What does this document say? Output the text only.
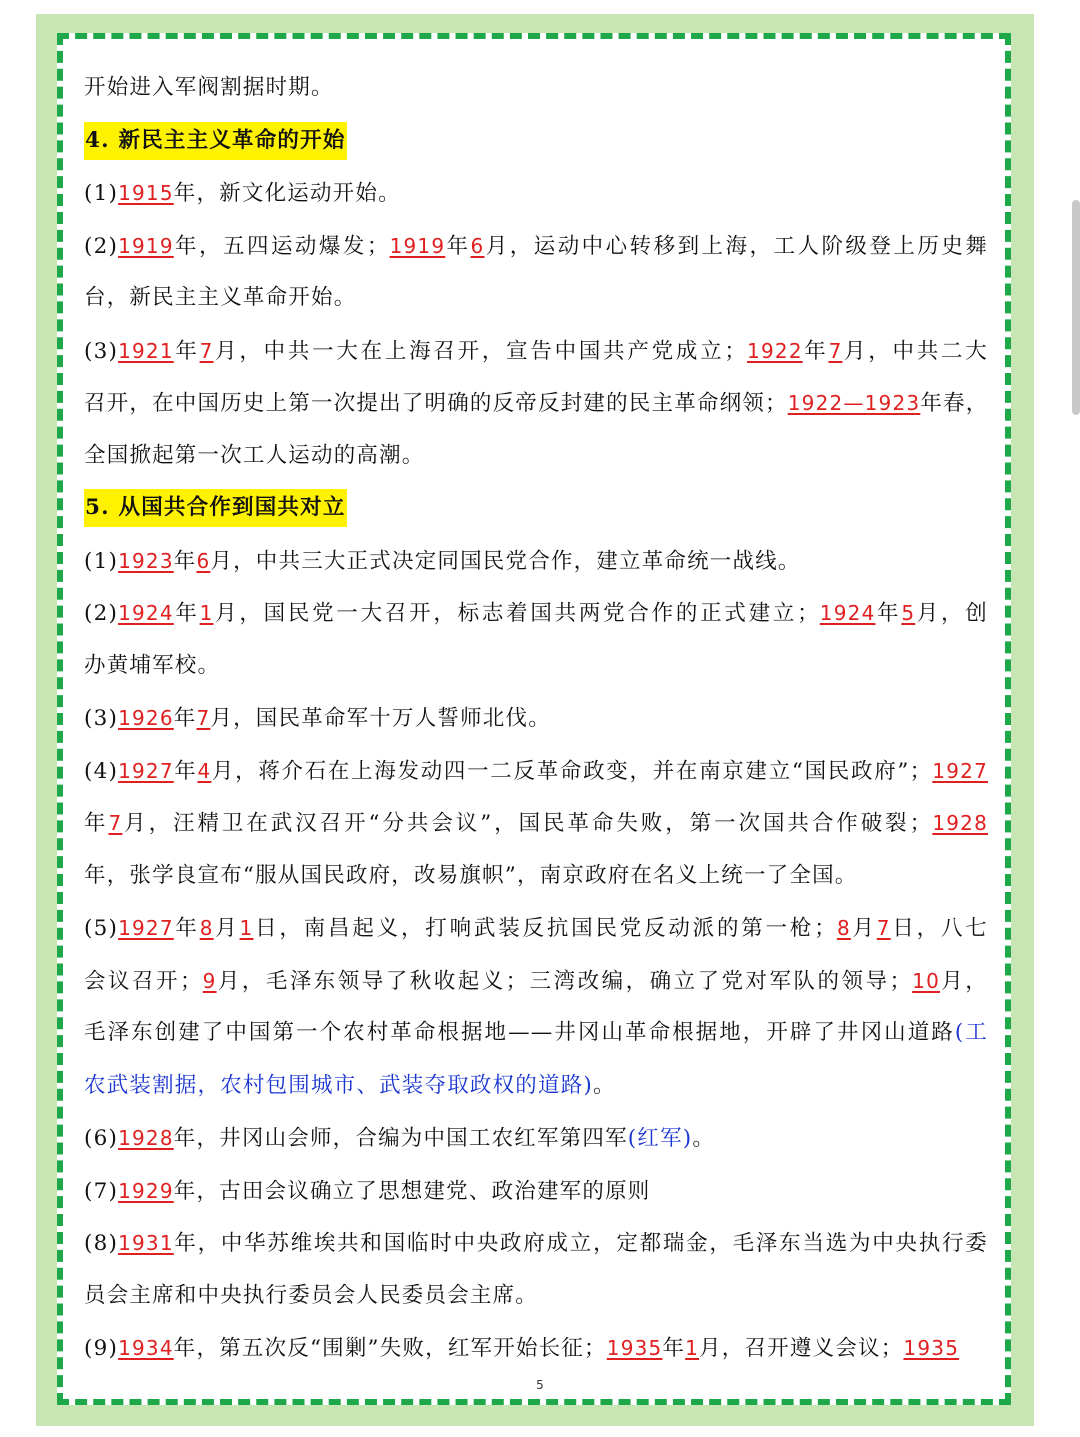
开始进入军阀割据时期。
4. 新民主主义革命的开始
(1)1915年，新文化运动开始。
(2)1919年，五四运动爆发；1919年6月，运动中心转移到上海，工人阶级登上历史舞
台，新民主主义革命开始。
(3)1921年7月，中共一大在上海召开，宣告中国共产党成立；1922年7月，中共二大
召开，在中国历史上第一次提出了明确的反帝反封建的民主革命纲领；1922—1923年春，
全国掀起第一次工人运动的高潮。
5. 从国共合作到国共对立
(1)1923年6月，中共三大正式决定同国民党合作，建立革命统一战线。
(2)1924年1月，国民党一大召开，标志着国共两党合作的正式建立；1924年5月，创
办黄埔军校。
(3)1926年7月，国民革命军十万人誓师北伐。
(4)1927年4月，蒋介石在上海发动四一二反革命政变，并在南京建立“国民政府”；1927
年7月，汪精卫在武汉召开“分共会议”，国民革命失败，第一次国共合作破裂；1928
年，张学良宣布“服从国民政府，改易旗帜”，南京政府在名义上统一了全国。
(5)1927年8月1日，南昌起义，打响武装反抗国民党反动派的第一枪；8月7日，八七
会议召开；9月，毛泽东领导了秋收起义；三湾改编，确立了党对军队的领导；10月，
毛泽东创建了中国第一个农村革命根据地——井冈山革命根据地，开辟了井冈山道路(工
农武装割据，农村包围城市、武装夺取政权的道路)。
(6)1928年，井冈山会师，合编为中国工农红军第四军(红军)。
(7)1929年，古田会议确立了思想建党、政治建军的原则
(8)1931年，中华苏维埃共和国临时中央政府成立，定都瑞金，毛泽东当选为中央执行委
员会主席和中央执行委员会人民委员会主席。
(9)1934年，第五次反“围剿”失败，红军开始长征；1935年1月，召开遵义会议；1935
5
